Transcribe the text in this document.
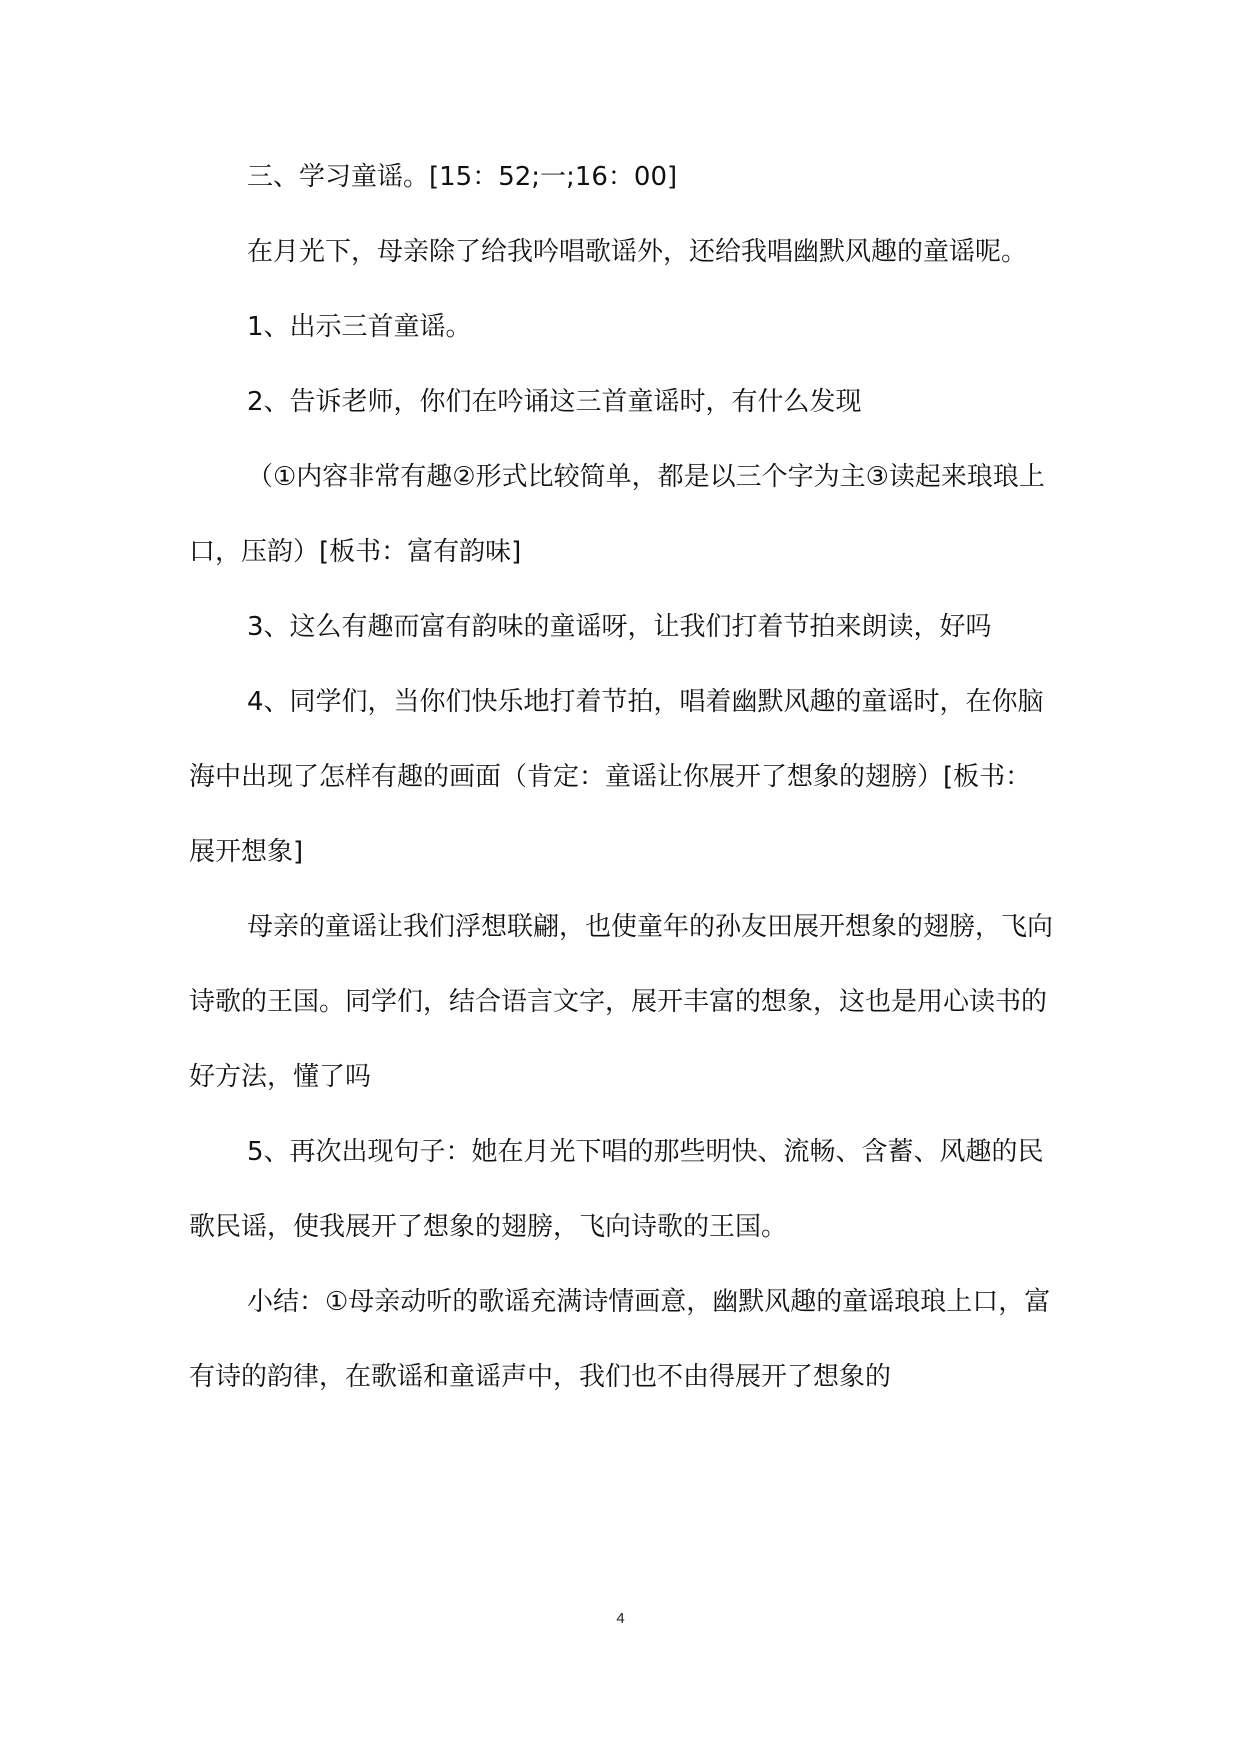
三、学习童谣。[15：52;一;16：00]

在月光下，母亲除了给我吟唱歌谣外，还给我唱幽默风趣的童谣呢。

1、出示三首童谣。

2、告诉老师，你们在吟诵这三首童谣时，有什么发现

（①内容非常有趣②形式比较简单，都是以三个字为主③读起来琅琅上口，压韵）[板书：富有韵味]

3、这么有趣而富有韵味的童谣呀，让我们打着节拍来朗读，好吗

4、同学们，当你们快乐地打着节拍，唱着幽默风趣的童谣时，在你脑海中出现了怎样有趣的画面（肯定：童谣让你展开了想象的翅膀）[板书：展开想象]

母亲的童谣让我们浮想联翩，也使童年的孙友田展开想象的翅膀，飞向诗歌的王国。同学们，结合语言文字，展开丰富的想象，这也是用心读书的好方法，懂了吗

5、再次出现句子：她在月光下唱的那些明快、流畅、含蓄、风趣的民歌民谣，使我展开了想象的翅膀，飞向诗歌的王国。

小结：①母亲动听的歌谣充满诗情画意，幽默风趣的童谣琅琅上口，富有诗的韵律，在歌谣和童谣声中，我们也不由得展开了想象的

4
